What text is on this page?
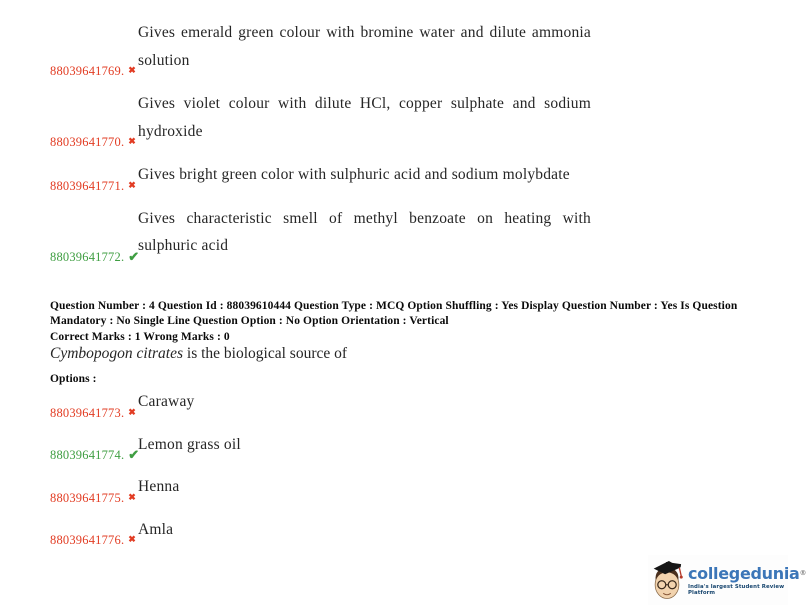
88039641769. ✖
Gives emerald green colour with bromine water and dilute ammonia solution
88039641770. ✖
Gives violet colour with dilute HCl, copper sulphate and sodium hydroxide
88039641771. ✖
Gives bright green color with sulphuric acid and sodium molybdate
88039641772. ✔
Gives characteristic smell of methyl benzoate on heating with sulphuric acid
Question Number : 4 Question Id : 88039610444 Question Type : MCQ Option Shuffling : Yes Display Question Number : Yes Is Question Mandatory : No Single Line Question Option : No Option Orientation : Vertical
Correct Marks : 1 Wrong Marks : 0
Cymbopogon citrates is the biological source of
Options :
88039641773. ✖
Caraway
88039641774. ✔
Lemon grass oil
88039641775. ✖
Henna
88039641776. ✖
Amla
collegedunia®
India's largest Student Review Platform
